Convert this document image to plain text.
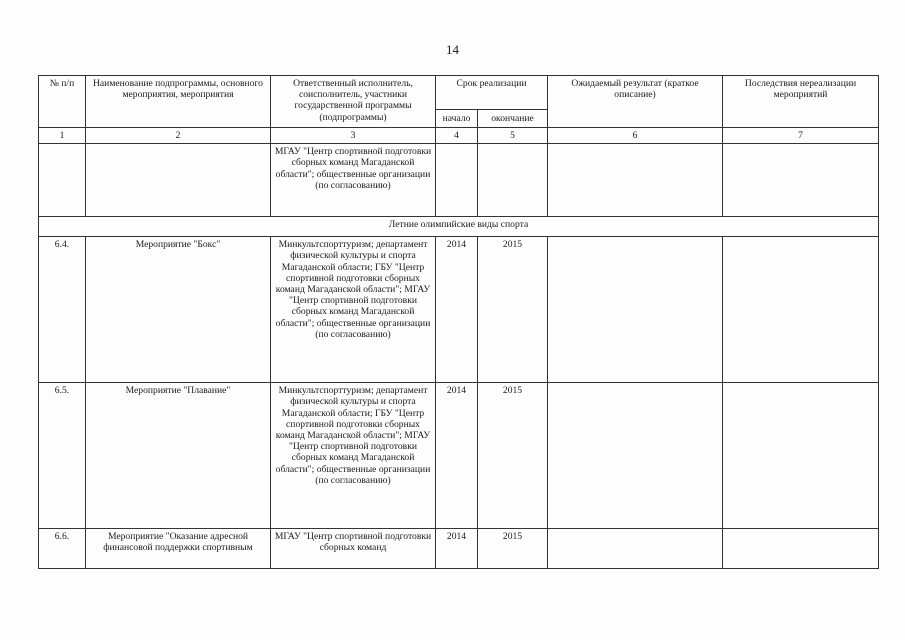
14
№ п/п	Наименование подпрограммы, основного мероприятия, мероприятия	Ответственный исполнитель, соисполнитель, участники государственной программы (подпрограммы)	Срок реализации		Ожидаемый результат (краткое описание)	Последствия нереализации мероприятий
			начало	окончание		
1	2	3	4	5	6	7
		МГАУ "Центр спортивной подготовки сборных команд Магаданской области"; общественные организации (по согласованию)				
Летние олимпийские виды спорта						
6.4.	Мероприятие "Бокс"	Минкультспорттуризм; департамент физической культуры и спорта Магаданской области; ГБУ "Центр спортивной подготовки сборных команд Магаданской области"; МГАУ "Центр спортивной подготовки сборных команд Магаданской области"; общественные организации (по согласованию)	2014	2015		
6.5.	Мероприятие "Плавание"	Минкультспорттуризм; департамент физической культуры и спорта Магаданской области; ГБУ "Центр спортивной подготовки сборных команд Магаданской области"; МГАУ "Центр спортивной подготовки сборных команд Магаданской области"; общественные организации (по согласованию)	2014	2015		
6.6.	Мероприятие "Оказание адресной финансовой поддержки спортивным	МГАУ "Центр спортивной подготовки сборных команд	2014	2015		
